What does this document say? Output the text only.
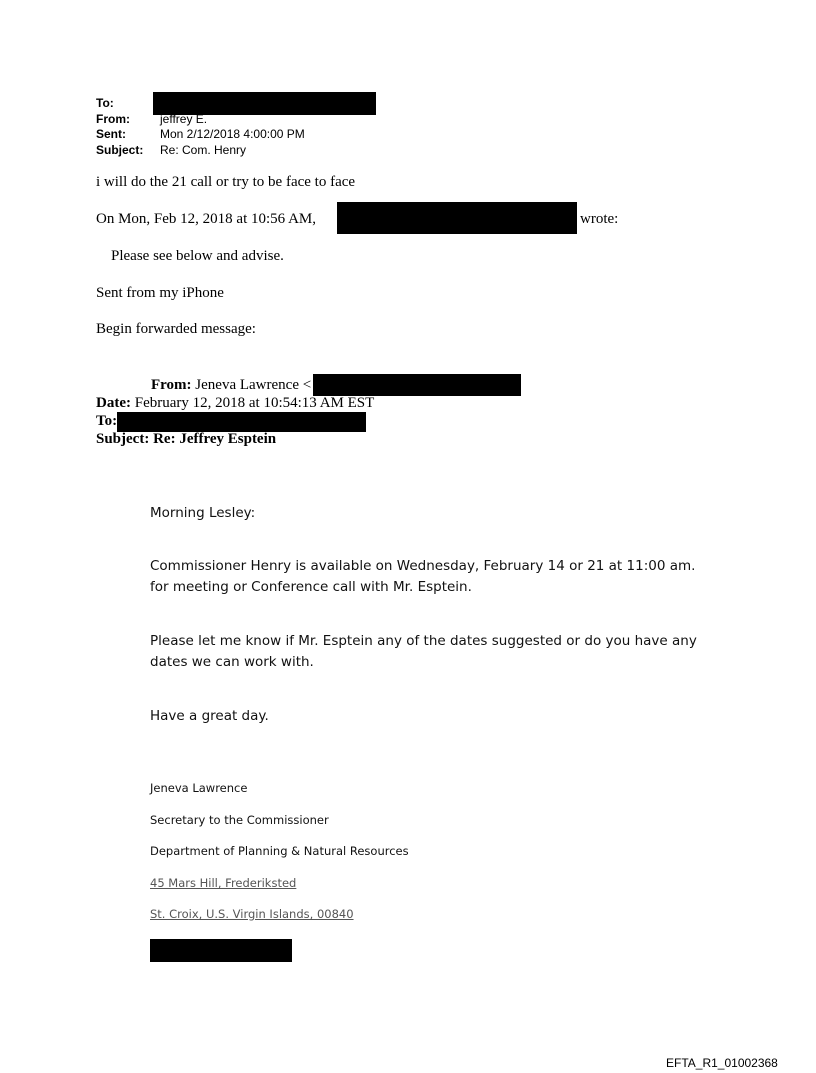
To:
From:	jeffrey E.
Sent:	Mon 2/12/2018 4:00:00 PM
Subject: Re: Com. Henry
i will do the 21 call or try to be face to face
On Mon, Feb 12, 2018 at 10:56 AM,	wrote:
Please see below and advise.
Sent from my iPhone
Begin forwarded message:
From: Jeneva Lawrence <
Date: February 12, 2018 at 10:54:13 AM EST
To:
Subject: Re: Jeffrey Esptein
Morning Lesley:
Commissioner Henry is available on Wednesday, February 14 or 21 at 11:00 am.
for meeting or Conference call with Mr. Esptein.
Please let me know if Mr. Esptein any of the dates suggested or do you have any
dates we can work with.
Have a great day.
Jeneva Lawrence
Secretary to the Commissioner
Department of Planning & Natural Resources
45 Mars Hill, Frederiksted
St. Croix, U.S. Virgin Islands, 00840
EFTA_R1_01002368
